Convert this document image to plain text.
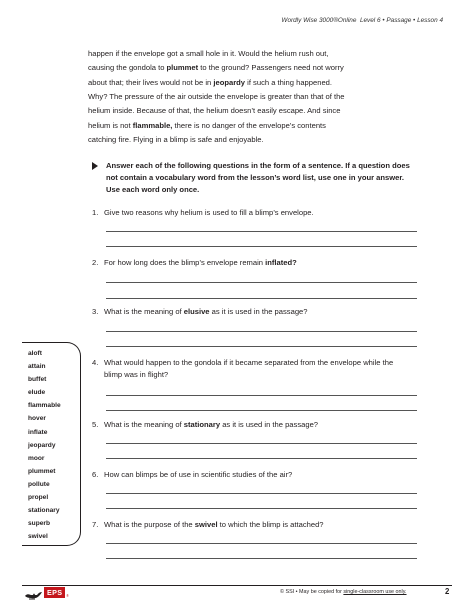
Wordly Wise 3000®Online Level 6 • Passage • Lesson 4

happen if the envelope got a small hole in it. Would the helium rush out,

causing the gondola to plummet to the ground? Passengers need not worry

about that; their lives would not be in jeopardy if such a thing happened.

Why? The pressure of the air outside the envelope is greater than that of the

helium inside. Because of that, the helium doesn’t easily escape. And since

helium is not flammable, there is no danger of the envelope’s contents

catching fire. Flying in a blimp is safe and enjoyable.

Answer each of the following questions in the form of a sentence. If a question does not contain a vocabulary word from the lesson’s word list, use one in your answer. Use each word only once.
1. Give two reasons why helium is used to fill a blimp’s envelope.
2. For how long does the blimp’s envelope remain inflated?
3. What is the meaning of elusive as it is used in the passage?
4. What would happen to the gondola if it became separated from the envelope while the blimp was in flight?
5. What is the meaning of stationary as it is used in the passage?
6. How can blimps be of use in scientific studies of the air?
7. What is the purpose of the swivel to which the blimp is attached?
aloft
attain
buffet
elude
flammable
hover
inflate
jeopardy
moor
plummet
pollute
propel
stationary
superb
swivel
EPS	®
© SSI • May be copied for single-classroom use only.	2
